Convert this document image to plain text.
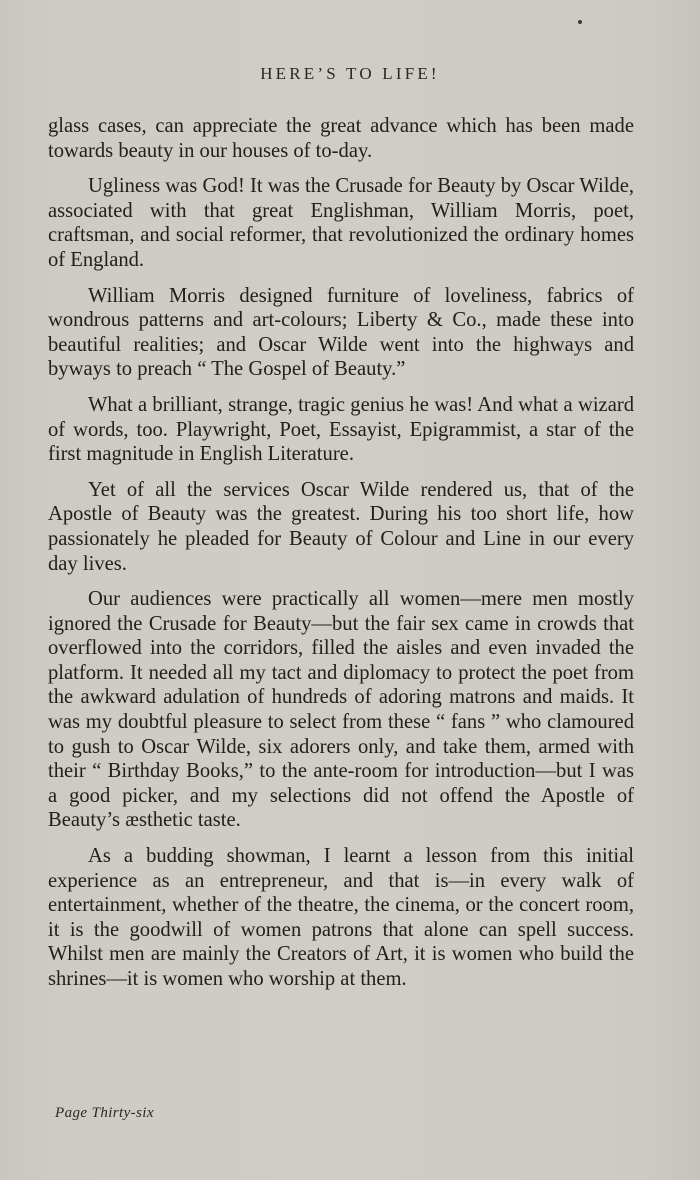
HERE’S TO LIFE!

glass cases, can appreciate the great advance which has been made towards beauty in our houses of to-day.

Ugliness was God! It was the Crusade for Beauty by Oscar Wilde, associated with that great Englishman, William Morris, poet, craftsman, and social reformer, that revolutionized the ordinary homes of England.

William Morris designed furniture of loveliness, fabrics of wondrous patterns and art-colours; Liberty & Co., made these into beautiful realities; and Oscar Wilde went into the highways and byways to preach “ The Gospel of Beauty.”

What a brilliant, strange, tragic genius he was! And what a wizard of words, too. Playwright, Poet, Essayist, Epigrammist, a star of the first magnitude in English Literature.

Yet of all the services Oscar Wilde rendered us, that of the Apostle of Beauty was the greatest. During his too short life, how passionately he pleaded for Beauty of Colour and Line in our every day lives.

Our audiences were practically all women—mere men mostly ignored the Crusade for Beauty—but the fair sex came in crowds that overflowed into the corridors, filled the aisles and even invaded the platform. It needed all my tact and diplomacy to protect the poet from the awkward adulation of hundreds of adoring matrons and maids. It was my doubtful pleasure to select from these “ fans ” who clamoured to gush to Oscar Wilde, six adorers only, and take them, armed with their “ Birthday Books,” to the ante-room for introduction—but I was a good picker, and my selections did not offend the Apostle of Beauty’s æsthetic taste.

As a budding showman, I learnt a lesson from this initial experience as an entrepreneur, and that is—in every walk of entertainment, whether of the theatre, the cinema, or the concert room, it is the goodwill of women patrons that alone can spell success. Whilst men are mainly the Creators of Art, it is women who build the shrines—it is women who worship at them.

Page Thirty-six
